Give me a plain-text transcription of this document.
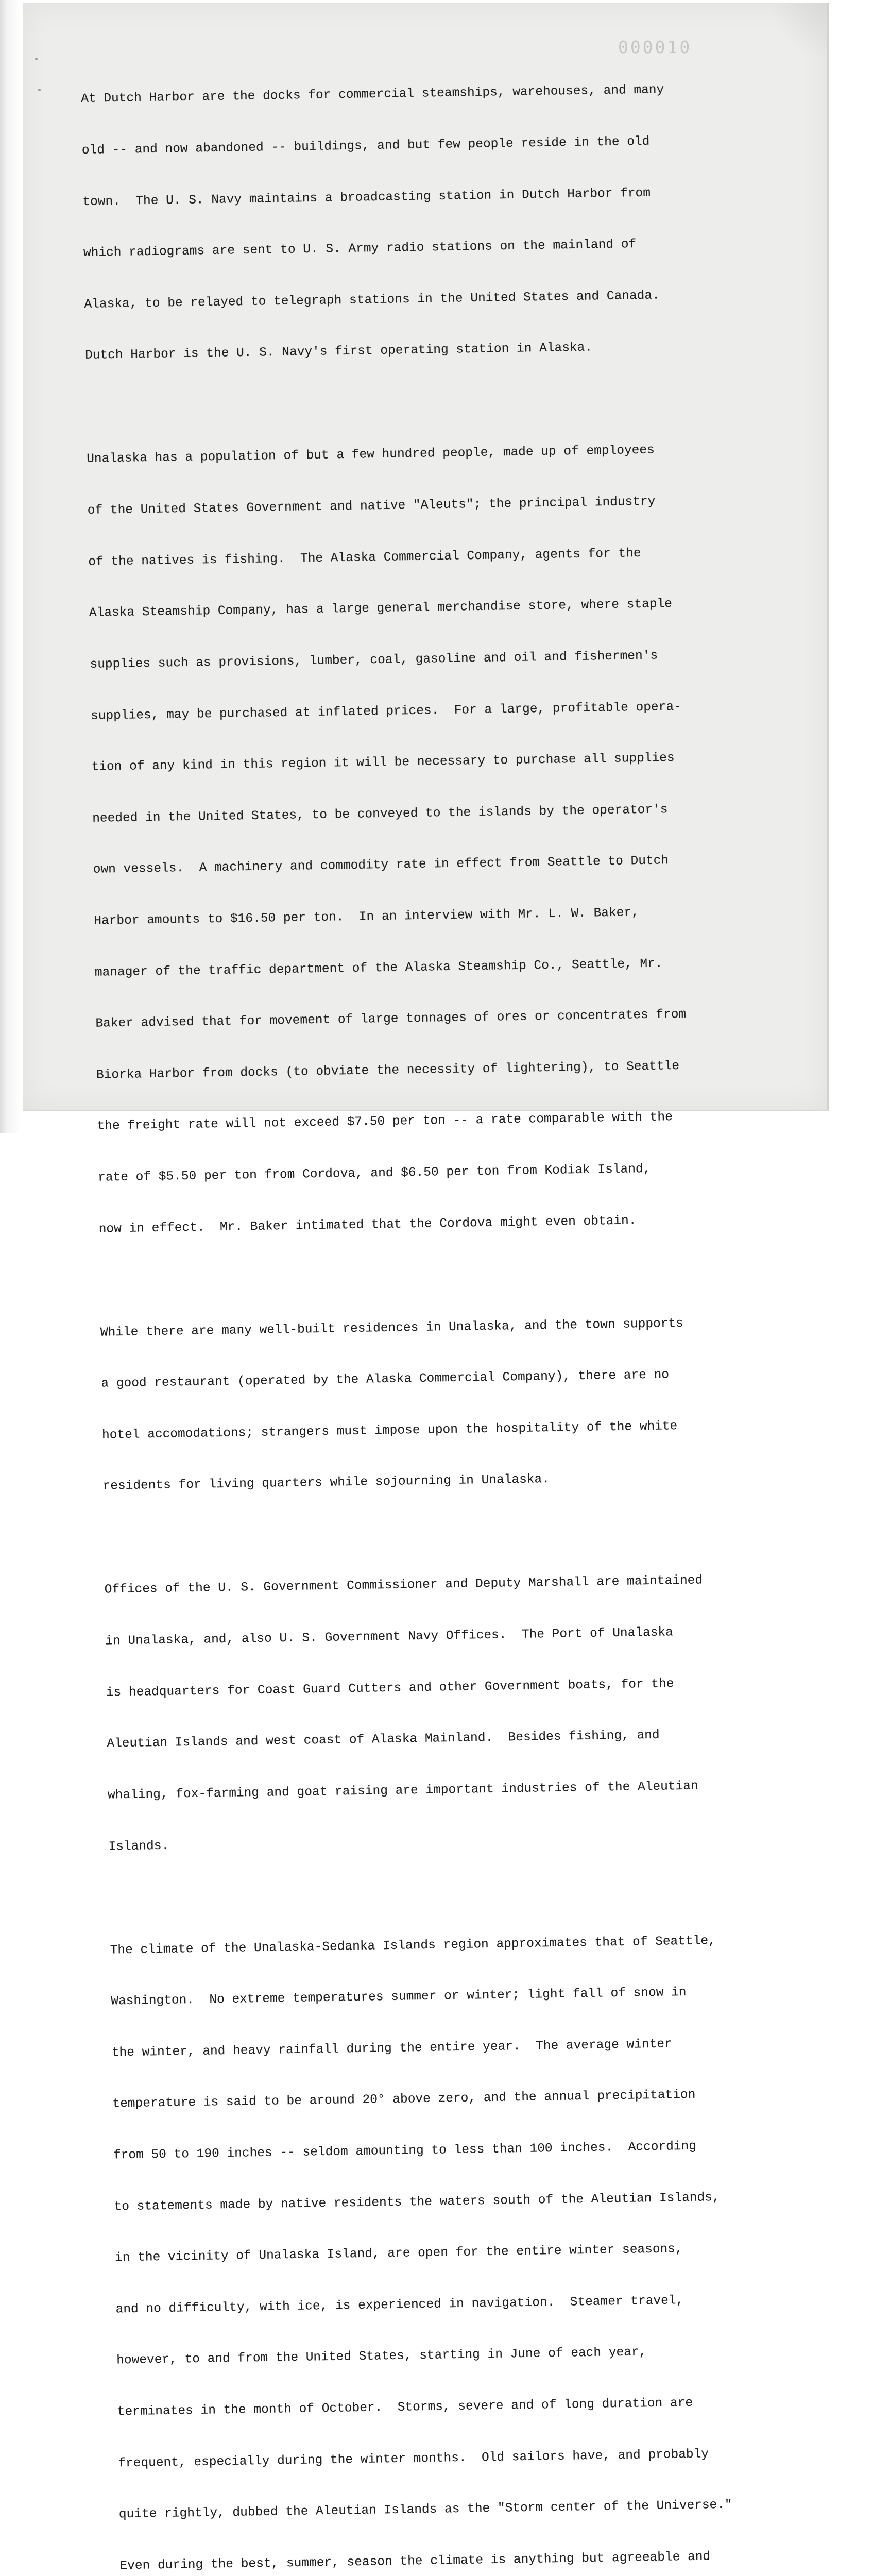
000010

At Dutch Harbor are the docks for commercial steamships, warehouses, and many

old -- and now abandoned -- buildings, and but few people reside in the old

town.  The U. S. Navy maintains a broadcasting station in Dutch Harbor from

which radiograms are sent to U. S. Army radio stations on the mainland of

Alaska, to be relayed to telegraph stations in the United States and Canada.

Dutch Harbor is the U. S. Navy's first operating station in Alaska.

Unalaska has a population of but a few hundred people, made up of employees

of the United States Government and native "Aleuts"; the principal industry

of the natives is fishing.  The Alaska Commercial Company, agents for the

Alaska Steamship Company, has a large general merchandise store, where staple

supplies such as provisions, lumber, coal, gasoline and oil and fishermen's

supplies, may be purchased at inflated prices.  For a large, profitable opera-

tion of any kind in this region it will be necessary to purchase all supplies

needed in the United States, to be conveyed to the islands by the operator's

own vessels.  A machinery and commodity rate in effect from Seattle to Dutch

Harbor amounts to $16.50 per ton.  In an interview with Mr. L. W. Baker,

manager of the traffic department of the Alaska Steamship Co., Seattle, Mr.

Baker advised that for movement of large tonnages of ores or concentrates from

Biorka Harbor from docks (to obviate the necessity of lightering), to Seattle

the freight rate will not exceed $7.50 per ton -- a rate comparable with the

rate of $5.50 per ton from Cordova, and $6.50 per ton from Kodiak Island,

now in effect.  Mr. Baker intimated that the Cordova might even obtain.

While there are many well-built residences in Unalaska, and the town supports

a good restaurant (operated by the Alaska Commercial Company), there are no

hotel accomodations; strangers must impose upon the hospitality of the white

residents for living quarters while sojourning in Unalaska.

Offices of the U. S. Government Commissioner and Deputy Marshall are maintained

in Unalaska, and, also U. S. Government Navy Offices.  The Port of Unalaska

is headquarters for Coast Guard Cutters and other Government boats, for the

Aleutian Islands and west coast of Alaska Mainland.  Besides fishing, and

whaling, fox-farming and goat raising are important industries of the Aleutian

Islands.

The climate of the Unalaska-Sedanka Islands region approximates that of Seattle,

Washington.  No extreme temperatures summer or winter; light fall of snow in

the winter, and heavy rainfall during the entire year.  The average winter

temperature is said to be around 20° above zero, and the annual precipitation

from 50 to 190 inches -- seldom amounting to less than 100 inches.  According

to statements made by native residents the waters south of the Aleutian Islands,

in the vicinity of Unalaska Island, are open for the entire winter seasons,

and no difficulty, with ice, is experienced in navigation.  Steamer travel,

however, to and from the United States, starting in June of each year,

terminates in the month of October.  Storms, severe and of long duration are

frequent, especially during the winter months.  Old sailors have, and probably

quite rightly, dubbed the Aleutian Islands as the "Storm center of the Universe."

Even during the best, summer, season the climate is anything but agreeable and
